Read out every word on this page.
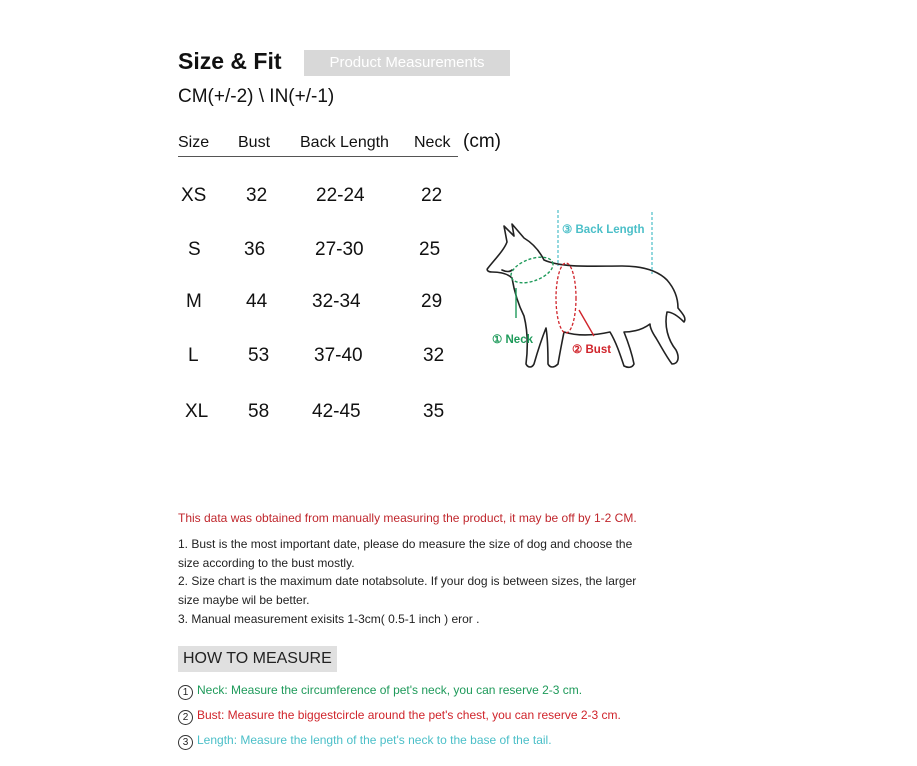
Size & Fit	Product Measurements
CM(+/-2) \ IN(+/-1)
Size Bust Back Length Neck (cm)
XS 32	22-24	22
S 36	27-30	25
M 44 32-34	29
L	53 37-40	32
XL 58 42-45	35
③ Back Length
① Neck
② Bust
This data was obtained from manually measuring the product, it may be off by 1-2 CM.
1. Bust is the most important date, please do measure the size of dog and choose the
size according to the bust mostly.
2. Size chart is the maximum date notabsolute. If your dog is between sizes, the larger
size maybe wil be better.
3. Manual measurement exisits 1-3cm( 0.5-1 inch ) eror .
HOW TO MEASURE
1 Neck: Measure the circumference of pet's neck, you can reserve 2-3 cm.
2 Bust: Measure the biggestcircle around the pet's chest, you can reserve 2-3 cm.
3 Length: Measure the length of the pet's neck to the base of the tail.
